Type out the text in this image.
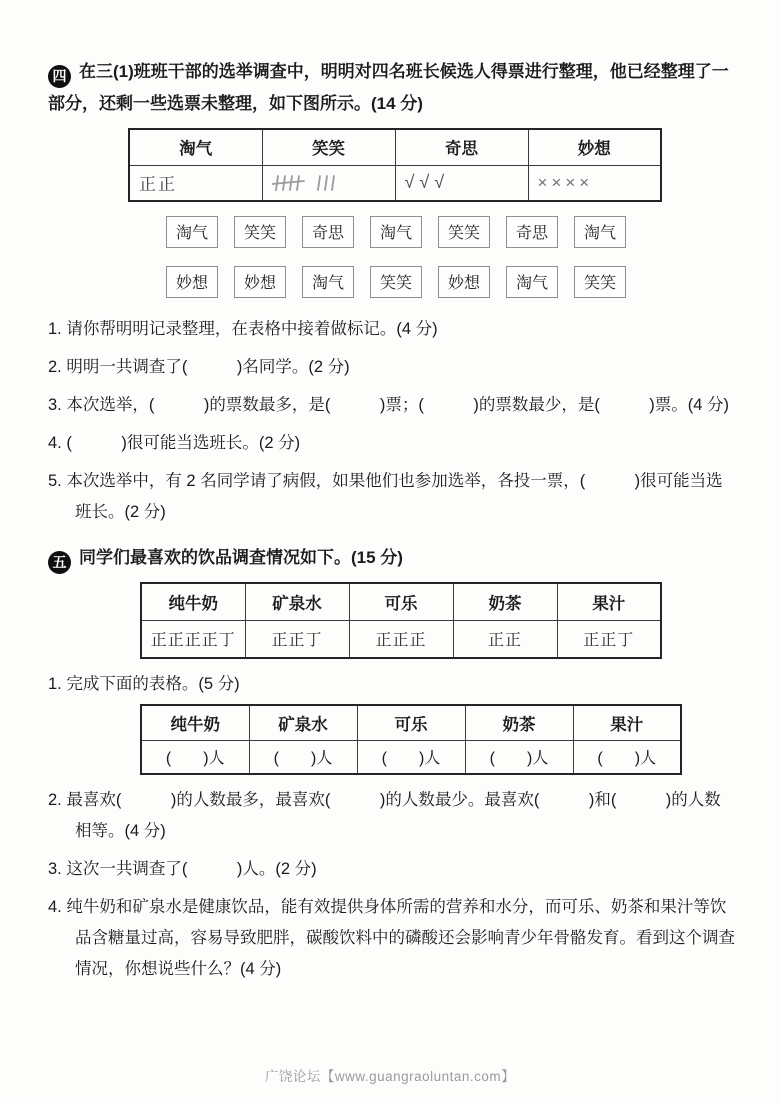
四 在三(1)班班干部的选举调查中，明明对四名班长候选人得票进行整理，他已经整理了一部分，还剩一些选票未整理，如下图所示。(14 分)

淘气	笑笑	奇思	妙想
正正		√√√	××××
淘气	笑笑	奇思	淘气	笑笑	奇思	淘气
妙想	妙想	淘气	笑笑	妙想	淘气	笑笑

1. 请你帮明明记录整理，在表格中接着做标记。(4 分)

2. 明明一共调查了(　　　)名同学。(2 分)

3. 本次选举，(　　　)的票数最多，是(　　　)票；(　　　)的票数最少，是(　　　)票。(4 分)

4. (　　　)很可能当选班长。(2 分)

5. 本次选举中，有 2 名同学请了病假，如果他们也参加选举，各投一票，(　　　)很可能当选班长。(2 分)

五 同学们最喜欢的饮品调查情况如下。(15 分)

纯牛奶	矿泉水	可乐	奶茶	果汁
正正正正丁	正正丁	正正正	正正	正正丁

1. 完成下面的表格。(5 分)

纯牛奶	矿泉水	可乐	奶茶	果汁
(　　)人	(　　)人	(　　)人	(　　)人	(　　)人

2. 最喜欢(　　　)的人数最多，最喜欢(　　　)的人数最少。最喜欢(　　　)和(　　　)的人数相等。(4 分)

3. 这次一共调查了(　　　)人。(2 分)

4. 纯牛奶和矿泉水是健康饮品，能有效提供身体所需的营养和水分，而可乐、奶茶和果汁等饮品含糖量过高，容易导致肥胖，碳酸饮料中的磷酸还会影响青少年骨骼发育。看到这个调查情况，你想说些什么？(4 分)

广饶论坛【www.guangraoluntan.com】
